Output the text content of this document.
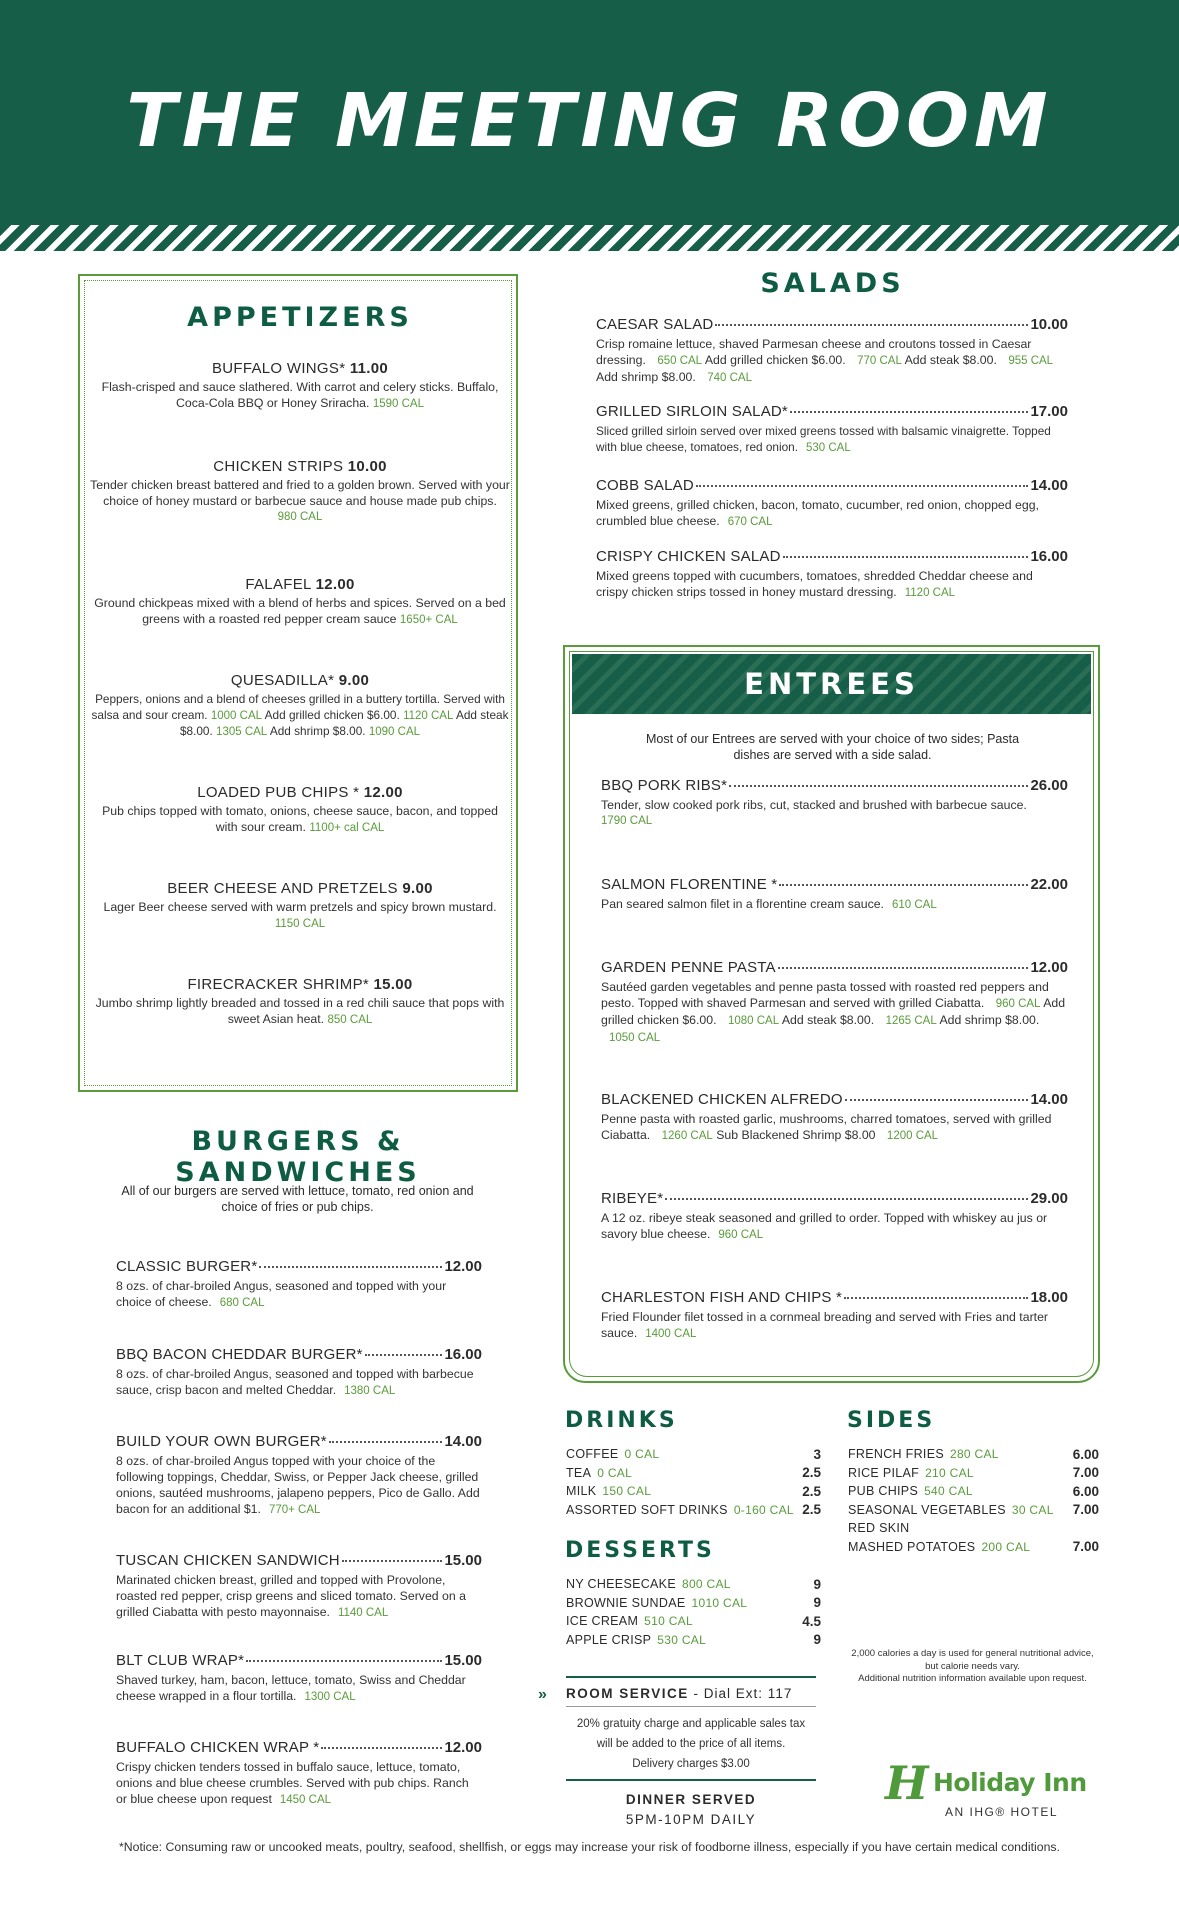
THE MEETING ROOM
APPETIZERS
BUFFALO WINGS* 11.00
Flash-crisped and sauce slathered. With carrot and celery sticks. Buffalo, Coca-Cola BBQ or Honey Sriracha. 1590 CAL
CHICKEN STRIPS 10.00
Tender chicken breast battered and fried to a golden brown. Served with your choice of honey mustard or barbecue sauce and house made pub chips. 980 CAL
FALAFEL 12.00
Ground chickpeas mixed with a blend of herbs and spices. Served on a bed greens with a roasted red pepper cream sauce 1650+ CAL
QUESADILLA* 9.00
Peppers, onions and a blend of cheeses grilled in a buttery tortilla. Served with salsa and sour cream. 1000 CAL Add grilled chicken $6.00. 1120 CAL Add steak $8.00. 1305 CAL Add shrimp $8.00. 1090 CAL
LOADED PUB CHIPS * 12.00
Pub chips topped with tomato, onions, cheese sauce, bacon, and topped with sour cream. 1100+ cal CAL
BEER CHEESE AND PRETZELS 9.00
Lager Beer cheese served with warm pretzels and spicy brown mustard. 1150 CAL
FIRECRACKER SHRIMP* 15.00
Jumbo shrimp lightly breaded and tossed in a red chili sauce that pops with sweet Asian heat. 850 CAL
BURGERS & SANDWICHES
All of our burgers are served with lettuce, tomato, red onion and choice of fries or pub chips.
CLASSIC BURGER*	12.00
8 ozs. of char-broiled Angus, seasoned and topped with your choice of cheese. 680 CAL
BBQ BACON CHEDDAR BURGER*	16.00
8 ozs. of char-broiled Angus, seasoned and topped with barbecue sauce, crisp bacon and melted Cheddar. 1380 CAL
BUILD YOUR OWN BURGER*	14.00
8 ozs. of char-broiled Angus topped with your choice of the following toppings, Cheddar, Swiss, or Pepper Jack cheese, grilled onions, sautéed mushrooms, jalapeno peppers, Pico de Gallo. Add bacon for an additional $1. 770+ CAL
TUSCAN CHICKEN SANDWICH	15.00
Marinated chicken breast, grilled and topped with Provolone, roasted red pepper, crisp greens and sliced tomato. Served on a grilled Ciabatta with pesto mayonnaise. 1140 CAL
BLT CLUB WRAP*	15.00
Shaved turkey, ham, bacon, lettuce, tomato, Swiss and Cheddar cheese wrapped in a flour tortilla. 1300 CAL
BUFFALO CHICKEN WRAP *	12.00
Crispy chicken tenders tossed in buffalo sauce, lettuce, tomato, onions and blue cheese crumbles. Served with pub chips. Ranch or blue cheese upon request 1450 CAL
SALADS
CAESAR SALAD	10.00
Crisp romaine lettuce, shaved Parmesan cheese and croutons tossed in Caesar dressing. 650 CAL Add grilled chicken $6.00. 770 CAL Add steak $8.00. 955 CAL Add shrimp $8.00. 740 CAL
GRILLED SIRLOIN SALAD*	17.00
Sliced grilled sirloin served over mixed greens tossed with balsamic vinaigrette. Topped with blue cheese, tomatoes, red onion. 530 CAL
COBB SALAD	14.00
Mixed greens, grilled chicken, bacon, tomato, cucumber, red onion, chopped egg, crumbled blue cheese. 670 CAL
CRISPY CHICKEN SALAD	16.00
Mixed greens topped with cucumbers, tomatoes, shredded Cheddar cheese and crispy chicken strips tossed in honey mustard dressing. 1120 CAL
ENTREES
Most of our Entrees are served with your choice of two sides; Pasta dishes are served with a side salad.
BBQ PORK RIBS*	26.00
Tender, slow cooked pork ribs, cut, stacked and brushed with barbecue sauce.
1790 CAL
SALMON FLORENTINE *	22.00
Pan seared salmon filet in a florentine cream sauce. 610 CAL
GARDEN PENNE PASTA	12.00
Sautéed garden vegetables and penne pasta tossed with roasted red peppers and pesto. Topped with shaved Parmesan and served with grilled Ciabatta. 960 CAL Add grilled chicken $6.00. 1080 CAL Add steak $8.00. 1265 CAL Add shrimp $8.00. 1050 CAL
BLACKENED CHICKEN ALFREDO	14.00
Penne pasta with roasted garlic, mushrooms, charred tomatoes, served with grilled Ciabatta. 1260 CAL Sub Blackened Shrimp $8.00 1200 CAL
RIBEYE*	29.00
A 12 oz. ribeye steak seasoned and grilled to order. Topped with whiskey au jus or savory blue cheese. 960 CAL
CHARLESTON FISH AND CHIPS *	18.00
Fried Flounder filet tossed in a cornmeal breading and served with Fries and tarter sauce. 1400 CAL
DRINKS
COFFEE 0 CAL	3
TEA 0 CAL	2.5
MILK 150 CAL	2.5
ASSORTED SOFT DRINKS 0-160 CAL 2.5
DESSERTS
NY CHEESECAKE 800 CAL	9
BROWNIE SUNDAE 1010 CAL	9
ICE CREAM 510 CAL	4.5
APPLE CRISP 530 CAL	9
SIDES
FRENCH FRIES 280 CAL	6.00
RICE PILAF 210 CAL	7.00
PUB CHIPS 540 CAL	6.00
SEASONAL VEGETABLES 30 CAL 7.00
RED SKIN
MASHED POTATOES 200 CAL	7.00
» ROOM SERVICE - Dial Ext: 117
20% gratuity charge and applicable sales tax
will be added to the price of all items.
Delivery charges $3.00
DINNER SERVED
5PM-10PM DAILY
2,000 calories a day is used for general nutritional advice, but calorie needs vary.
Additional nutrition information available upon request.
H Holiday Inn
AN IHG® HOTEL
*Notice: Consuming raw or uncooked meats, poultry, seafood, shellfish, or eggs may increase your risk of foodborne illness, especially if you have certain medical conditions.
